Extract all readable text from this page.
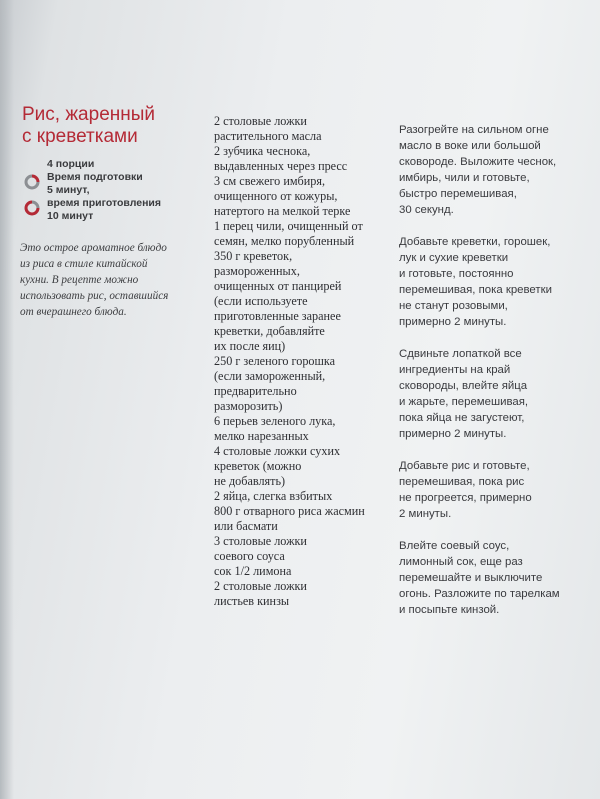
Рис, жаренный
с креветками
4 порции
Время подготовки
5 минут,
время приготовления
10 минут
Это острое ароматное блюдо
из риса в стиле китайской
кухни. В рецепте можно
использовать рис, оставшийся
от вчерашнего блюда.
2 столовые ложки
растительного масла
2 зубчика чеснока,
выдавленных через пресс
3 см свежего имбиря,
очищенного от кожуры,
натертого на мелкой терке
1 перец чили, очищенный от
семян, мелко порубленный
350 г креветок,
размороженных,
очищенных от панцирей
(если используете
приготовленные заранее
креветки, добавляйте
их после яиц)
250 г зеленого горошка
(если замороженный,
предварительно
разморозить)
6 перьев зеленого лука,
мелко нарезанных
4 столовые ложки сухих
креветок (можно
не добавлять)
2 яйца, слегка взбитых
800 г отварного риса жасмин
или басмати
3 столовые ложки
соевого соуса
сок 1/2 лимона
2 столовые ложки
листьев кинзы
Разогрейте на сильном огне
масло в воке или большой
сковороде. Выложите чеснок,
имбирь, чили и готовьте,
быстро перемешивая,
30 секунд.
Добавьте креветки, горошек,
лук и сухие креветки
и готовьте, постоянно
перемешивая, пока креветки
не станут розовыми,
примерно 2 минуты.
Сдвиньте лопаткой все
ингредиенты на край
сковороды, влейте яйца
и жарьте, перемешивая,
пока яйца не загустеют,
примерно 2 минуты.
Добавьте рис и готовьте,
перемешивая, пока рис
не прогреется, примерно
2 минуты.
Влейте соевый соус,
лимонный сок, еще раз
перемешайте и выключите
огонь. Разложите по тарелкам
и посыпьте кинзой.
